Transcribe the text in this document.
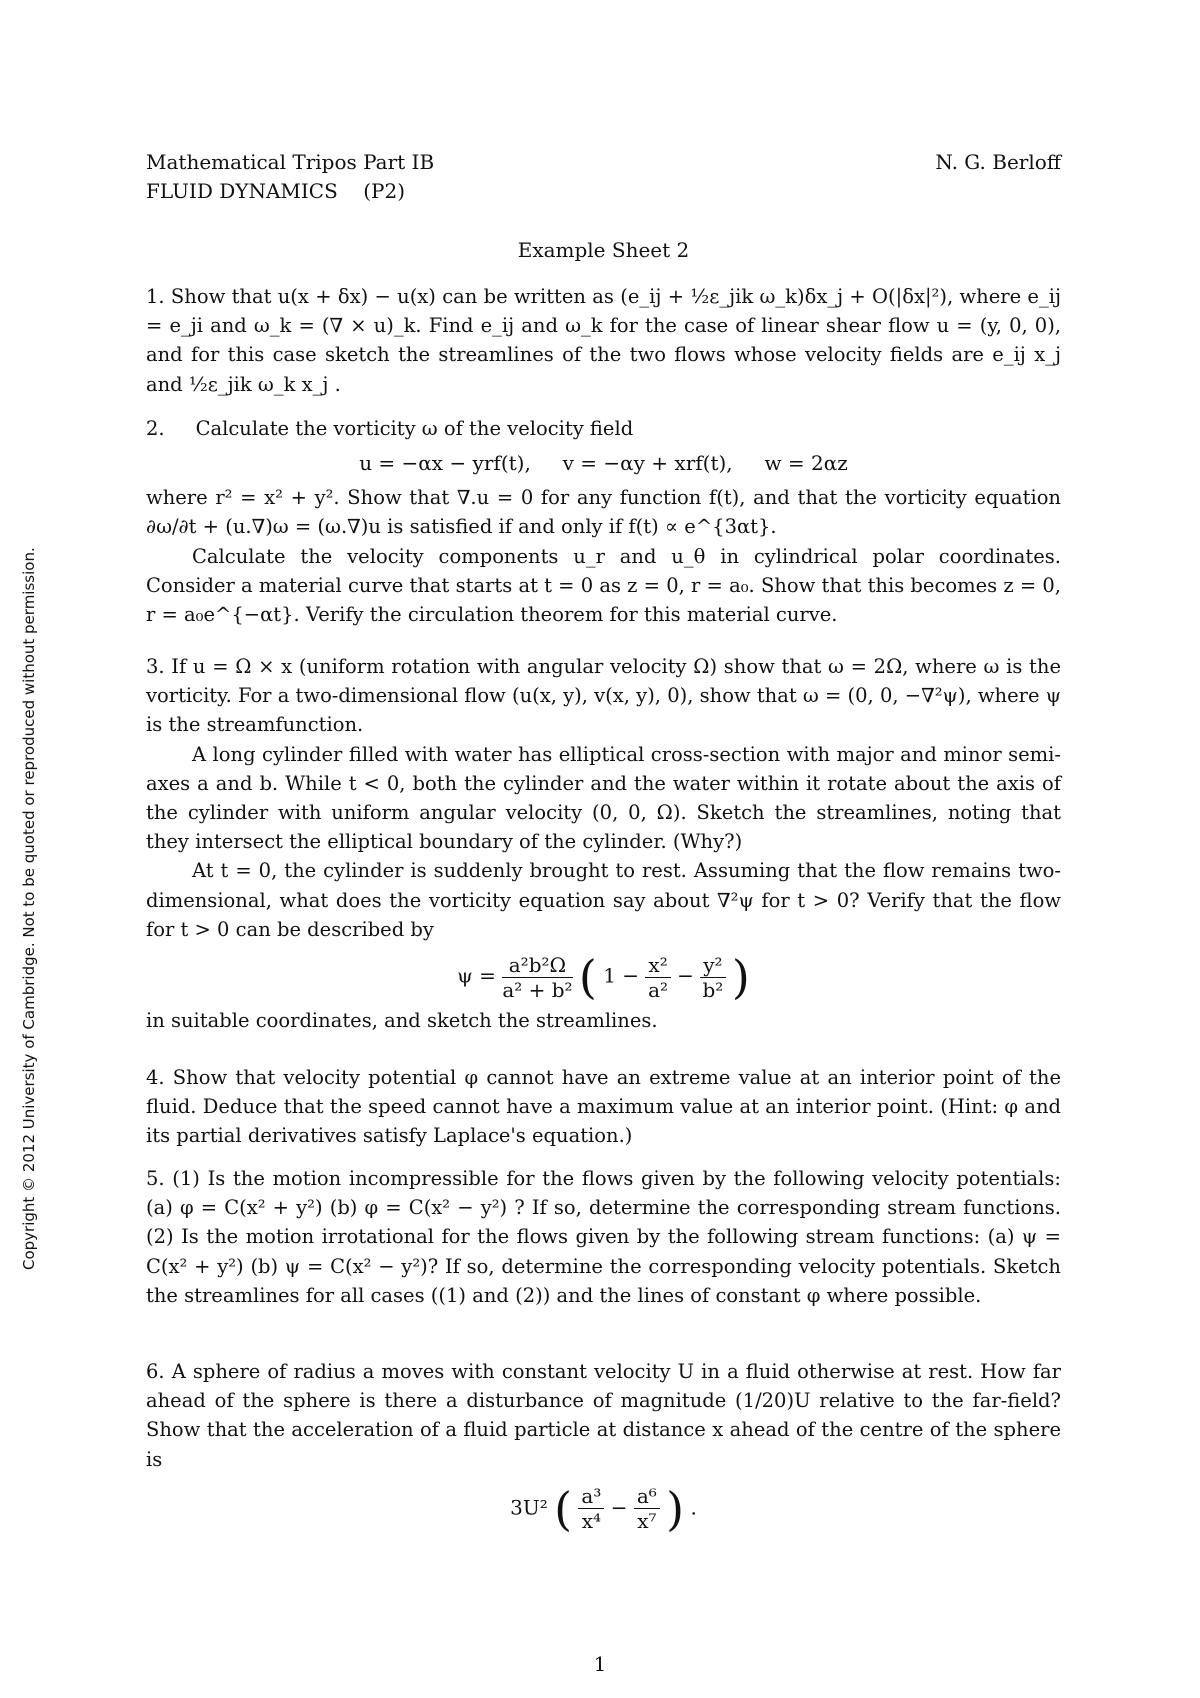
Copyright © 2012 University of Cambridge. Not to be quoted or reproduced without permission.
Mathematical Tripos Part IB
FLUID DYNAMICS    (P2)
N. G. Berloff
Example Sheet 2

1. Show that u(x + δx) − u(x) can be written as (e_ij + ½ε_jik ω_k)δx_j + O(|δx|²), where e_ij = e_ji and ω_k = (∇ × u)_k. Find e_ij and ω_k for the case of linear shear flow u = (y, 0, 0), and for this case sketch the streamlines of the two flows whose velocity fields are e_ij x_j and ½ε_jik ω_k x_j .

2.     Calculate the vorticity ω of the velocity field

u = −αx − yrf(t),     v = −αy + xrf(t),     w = 2αz

where r² = x² + y². Show that ∇.u = 0 for any function f(t), and that the vorticity equation ∂ω/∂t + (u.∇)ω = (ω.∇)u is satisfied if and only if f(t) ∝ e^{3αt}.

Calculate the velocity components u_r and u_θ in cylindrical polar coordinates. Consider a material curve that starts at t = 0 as z = 0, r = a₀. Show that this becomes z = 0, r = a₀e^{−αt}. Verify the circulation theorem for this material curve.

3. If u = Ω × x (uniform rotation with angular velocity Ω) show that ω = 2Ω, where ω is the vorticity. For a two-dimensional flow (u(x, y), v(x, y), 0), show that ω = (0, 0, −∇²ψ), where ψ is the streamfunction.

A long cylinder filled with water has elliptical cross-section with major and minor semi-axes a and b. While t < 0, both the cylinder and the water within it rotate about the axis of the cylinder with uniform angular velocity (0, 0, Ω). Sketch the streamlines, noting that they intersect the elliptical boundary of the cylinder. (Why?)

At t = 0, the cylinder is suddenly brought to rest. Assuming that the flow remains two-dimensional, what does the vorticity equation say about ∇²ψ for t > 0? Verify that the flow for t > 0 can be described by

$\psi = \frac{\text{a²b²Ω}}{\text{a² + b²}}$ ( $1 - \frac{\text{x²}}{\text{a²}} - \frac{\text{y²}}{\text{b²}}$ )

in suitable coordinates, and sketch the streamlines.

4. Show that velocity potential φ cannot have an extreme value at an interior point of the fluid. Deduce that the speed cannot have a maximum value at an interior point. (Hint: φ and its partial derivatives satisfy Laplace's equation.)

5. (1) Is the motion incompressible for the flows given by the following velocity potentials: (a) φ = C(x² + y²) (b) φ = C(x² − y²) ? If so, determine the corresponding stream functions. (2) Is the motion irrotational for the flows given by the following stream functions: (a) ψ = C(x² + y²) (b) ψ = C(x² − y²)? If so, determine the corresponding velocity potentials. Sketch the streamlines for all cases ((1) and (2)) and the lines of constant φ where possible.

6. A sphere of radius a moves with constant velocity U in a fluid otherwise at rest. How far ahead of the sphere is there a disturbance of magnitude (1/20)U relative to the far-field? Show that the acceleration of a fluid particle at distance x ahead of the centre of the sphere is

3U² ( $\frac{\text{a³}}{\text{x⁴}} - \frac{\text{a⁶}}{\text{x⁷}}$ ) .
1
